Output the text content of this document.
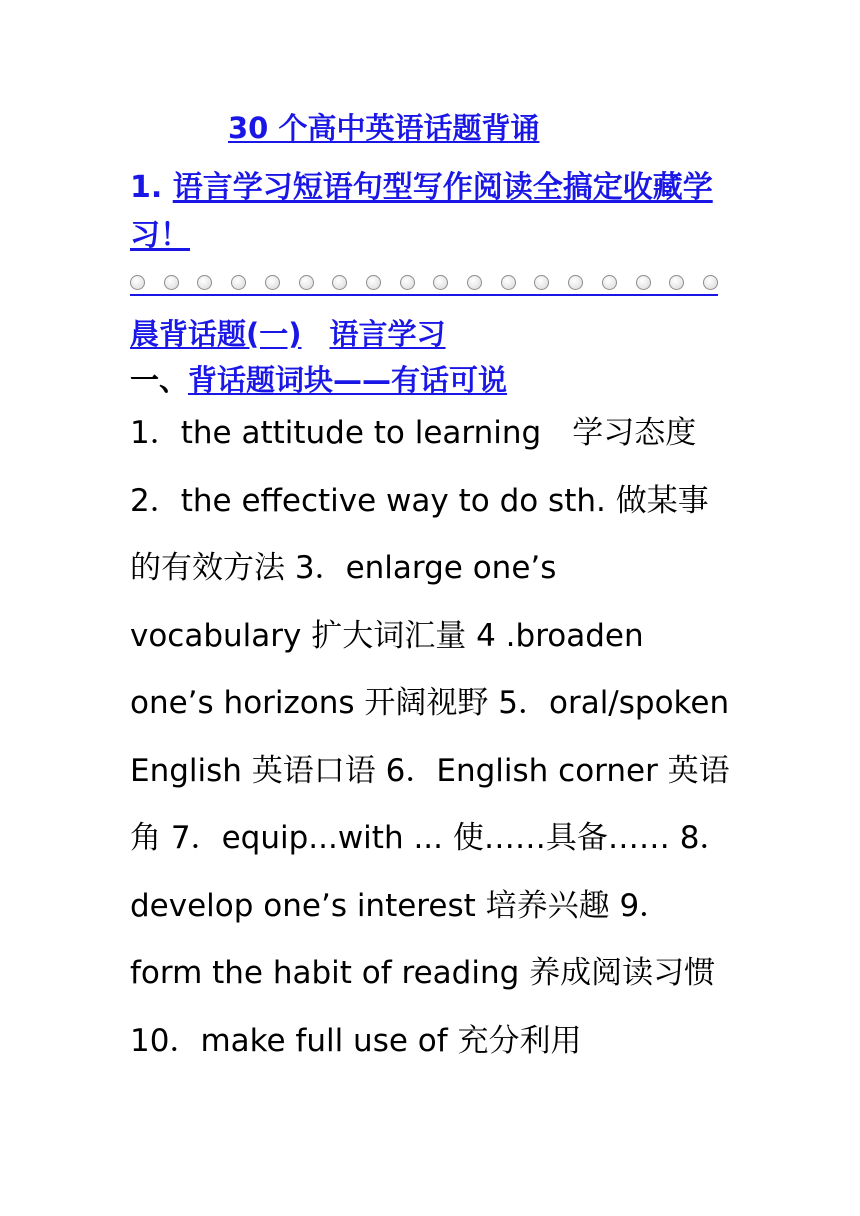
30 个高中英语话题背诵
1. 语言学习短语句型写作阅读全搞定收藏学习！
晨背话题(一) 语言学习
一、背话题词块——有话可说
1．the attitude to learning　学习态度 2．the effective way to do sth. 做某事的有效方法 3．enlarge one’s vocabulary 扩大词汇量 4 .broaden one’s horizons 开阔视野 5．oral/spoken English 英语口语 6．English corner 英语角 7．equip...with ... 使……具备…… 8．develop one’s interest 培养兴趣 9．form the habit of reading 养成阅读习惯 10．make full use of 充分利用
